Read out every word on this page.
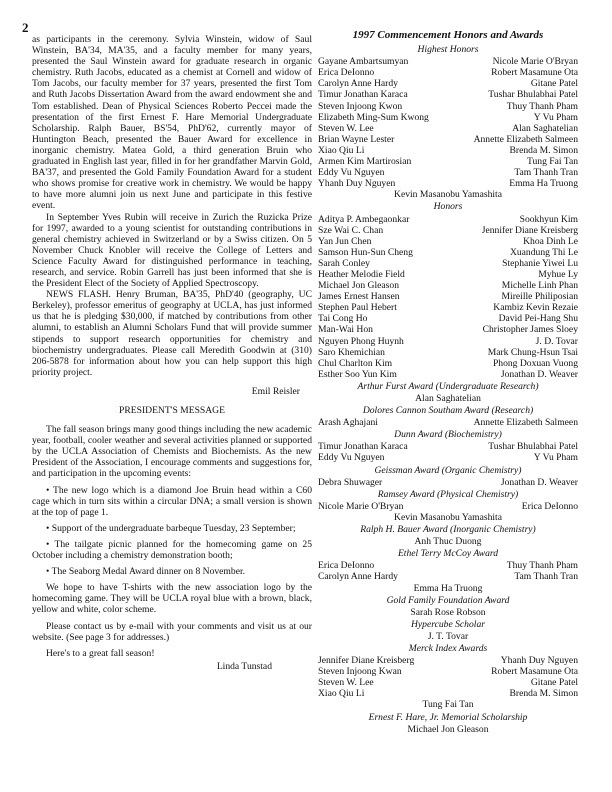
2

as participants in the ceremony. Sylvia Winstein, widow of Saul Winstein, BA'34, MA'35, and a faculty member for many years, presented the Saul Winstein award for graduate research in organic chemistry. Ruth Jacobs, educated as a chemist at Cornell and widow of Tom Jacobs, our faculty member for 37 years, presented the first Tom and Ruth Jacobs Dissertation Award from the award endowment she and Tom established. Dean of Physical Sciences Roberto Peccei made the presentation of the first Ernest F. Hare Memorial Undergraduate Scholarship. Ralph Bauer, BS'54, PhD'62, currently mayor of Huntington Beach, presented the Bauer Award for excellence in inorganic chemistry. Matea Gold, a third generation Bruin who graduated in English last year, filled in for her grandfather Marvin Gold, BA'37, and presented the Gold Family Foundation Award for a student who shows promise for creative work in chemistry. We would be happy to have more alumni join us next June and participate in this festive event.

In September Yves Rubin will receive in Zurich the Ruzicka Prize for 1997, awarded to a young scientist for outstanding contributions in general chemistry achieved in Switzerland or by a Swiss citizen. On 5 November Chuck Knobler will receive the College of Letters and Science Faculty Award for distinguished performance in teaching, research, and service. Robin Garrell has just been informed that she is the President Elect of the Society of Applied Spectroscopy.

NEWS FLASH. Henry Bruman, BA'35, PhD'40 (geography, UC Berkeley), professor emeritus of geography at UCLA, has just informed us that he is pledging $30,000, if matched by contributions from other alumni, to establish an Alumni Scholars Fund that will provide summer stipends to support research opportunities for chemistry and biochemistry undergraduates. Please call Meredith Goodwin at (310) 206-5878 for information about how you can help support this high priority project.

Emil Reisler
PRESIDENT'S MESSAGE

The fall season brings many good things including the new academic year, football, cooler weather and several activities planned or supported by the UCLA Association of Chemists and Biochemists. As the new President of the Association, I encourage comments and suggestions for, and participation in the upcoming events:

• The new logo which is a diamond Joe Bruin head within a C60 cage which in turn sits within a circular DNA; a small version is shown at the top of page 1.

• Support of the undergraduate barbeque Tuesday, 23 September;

• The tailgate picnic planned for the homecoming game on 25 October including a chemistry demonstration booth;

• The Seaborg Medal Award dinner on 8 November.

We hope to have T-shirts with the new association logo by the homecoming game. They will be UCLA royal blue with a brown, black, yellow and white, color scheme.

Please contact us by e-mail with your comments and visit us at our website. (See page 3 for addresses.)

Here's to a great fall season!

Linda Tunstad
1997 Commencement Honors and Awards
Highest Honors
Gayane Ambartsumyan	Nicole Marie O'Bryan
Erica DeIonno	Robert Masamune Ota
Carolyn Anne Hardy	Gitane Patel
Timur Jonathan Karaca	Tushar Bhulabhai Patel
Steven Injoong Kwon	Thuy Thanh Pham
Elizabeth Ming-Sum Kwong	Y Vu Pham
Steven W. Lee	Alan Saghatelian
Brian Wayne Lester	Annette Elizabeth Salmeen
Xiao Qiu Li	Brenda M. Simon
Armen Kim Martirosian	Tung Fai Tan
Eddy Vu Nguyen	Tam Thanh Tran
Yhanh Duy Nguyen	Emma Ha Truong
Kevin Masanobu Yamashita
Honors
Aditya P. Ambegaonkar	Sookhyun Kim
Sze Wai C. Chan	Jennifer Diane Kreisberg
Yan Jun Chen	Khoa Dinh Le
Samson Hun-Sun Cheng	Xuandung Thi Le
Sarah Conley	Stephanie Yiwei Lu
Heather Melodie Field	Myhue Ly
Michael Jon Gleason	Michelle Linh Phan
James Ernest Hansen	Mireille Philiposian
Stephen Paul Hebert	Kambiz Kevin Rezaie
Tai Cong Ho	David Pei-Hang Shu
Man-Wai Hon	Christopher James Sloey
Nguyen Phong Huynh	J. D. Tovar
Saro Khemichian	Mark Chung-Hsun Tsai
Chul Charlton Kim	Phong Doxuan Vuong
Esther Soo Yun Kim	Jonathan D. Weaver
Arthur Furst Award (Undergraduate Research)
Alan Saghatelian
Dolores Cannon Southam Award (Research)
Arash Aghajani	Annette Elizabeth Salmeen
Dunn Award (Biochemistry)
Timur Jonathan Karaca	Tushar Bhulabhai Patel
Eddy Vu Nguyen	Y Vu Pham
Geissman Award (Organic Chemistry)
Debra Shuwager	Jonathan D. Weaver
Ramsey Award (Physical Chemistry)
Nicole Marie O'Bryan	Erica DeIonno
Kevin Masanobu Yamashita
Ralph H. Bauer Award (Inorganic Chemistry)
Anh Thuc Duong
Ethel Terry McCoy Award
Erica DeIonno	Thuy Thanh Pham
Carolyn Anne Hardy	Tam Thanh Tran
Emma Ha Truong
Gold Family Foundation Award
Sarah Rose Robson
Hypercube Scholar
J. T. Tovar
Merck Index Awards
Jennifer Diane Kreisberg	Yhanh Duy Nguyen
Steven Injoong Kwan	Robert Masamune Ota
Steven W. Lee	Gitane Patel
Xiao Qiu Li	Brenda M. Simon
Tung Fai Tan
Ernest F. Hare, Jr. Memorial Scholarship
Michael Jon Gleason
